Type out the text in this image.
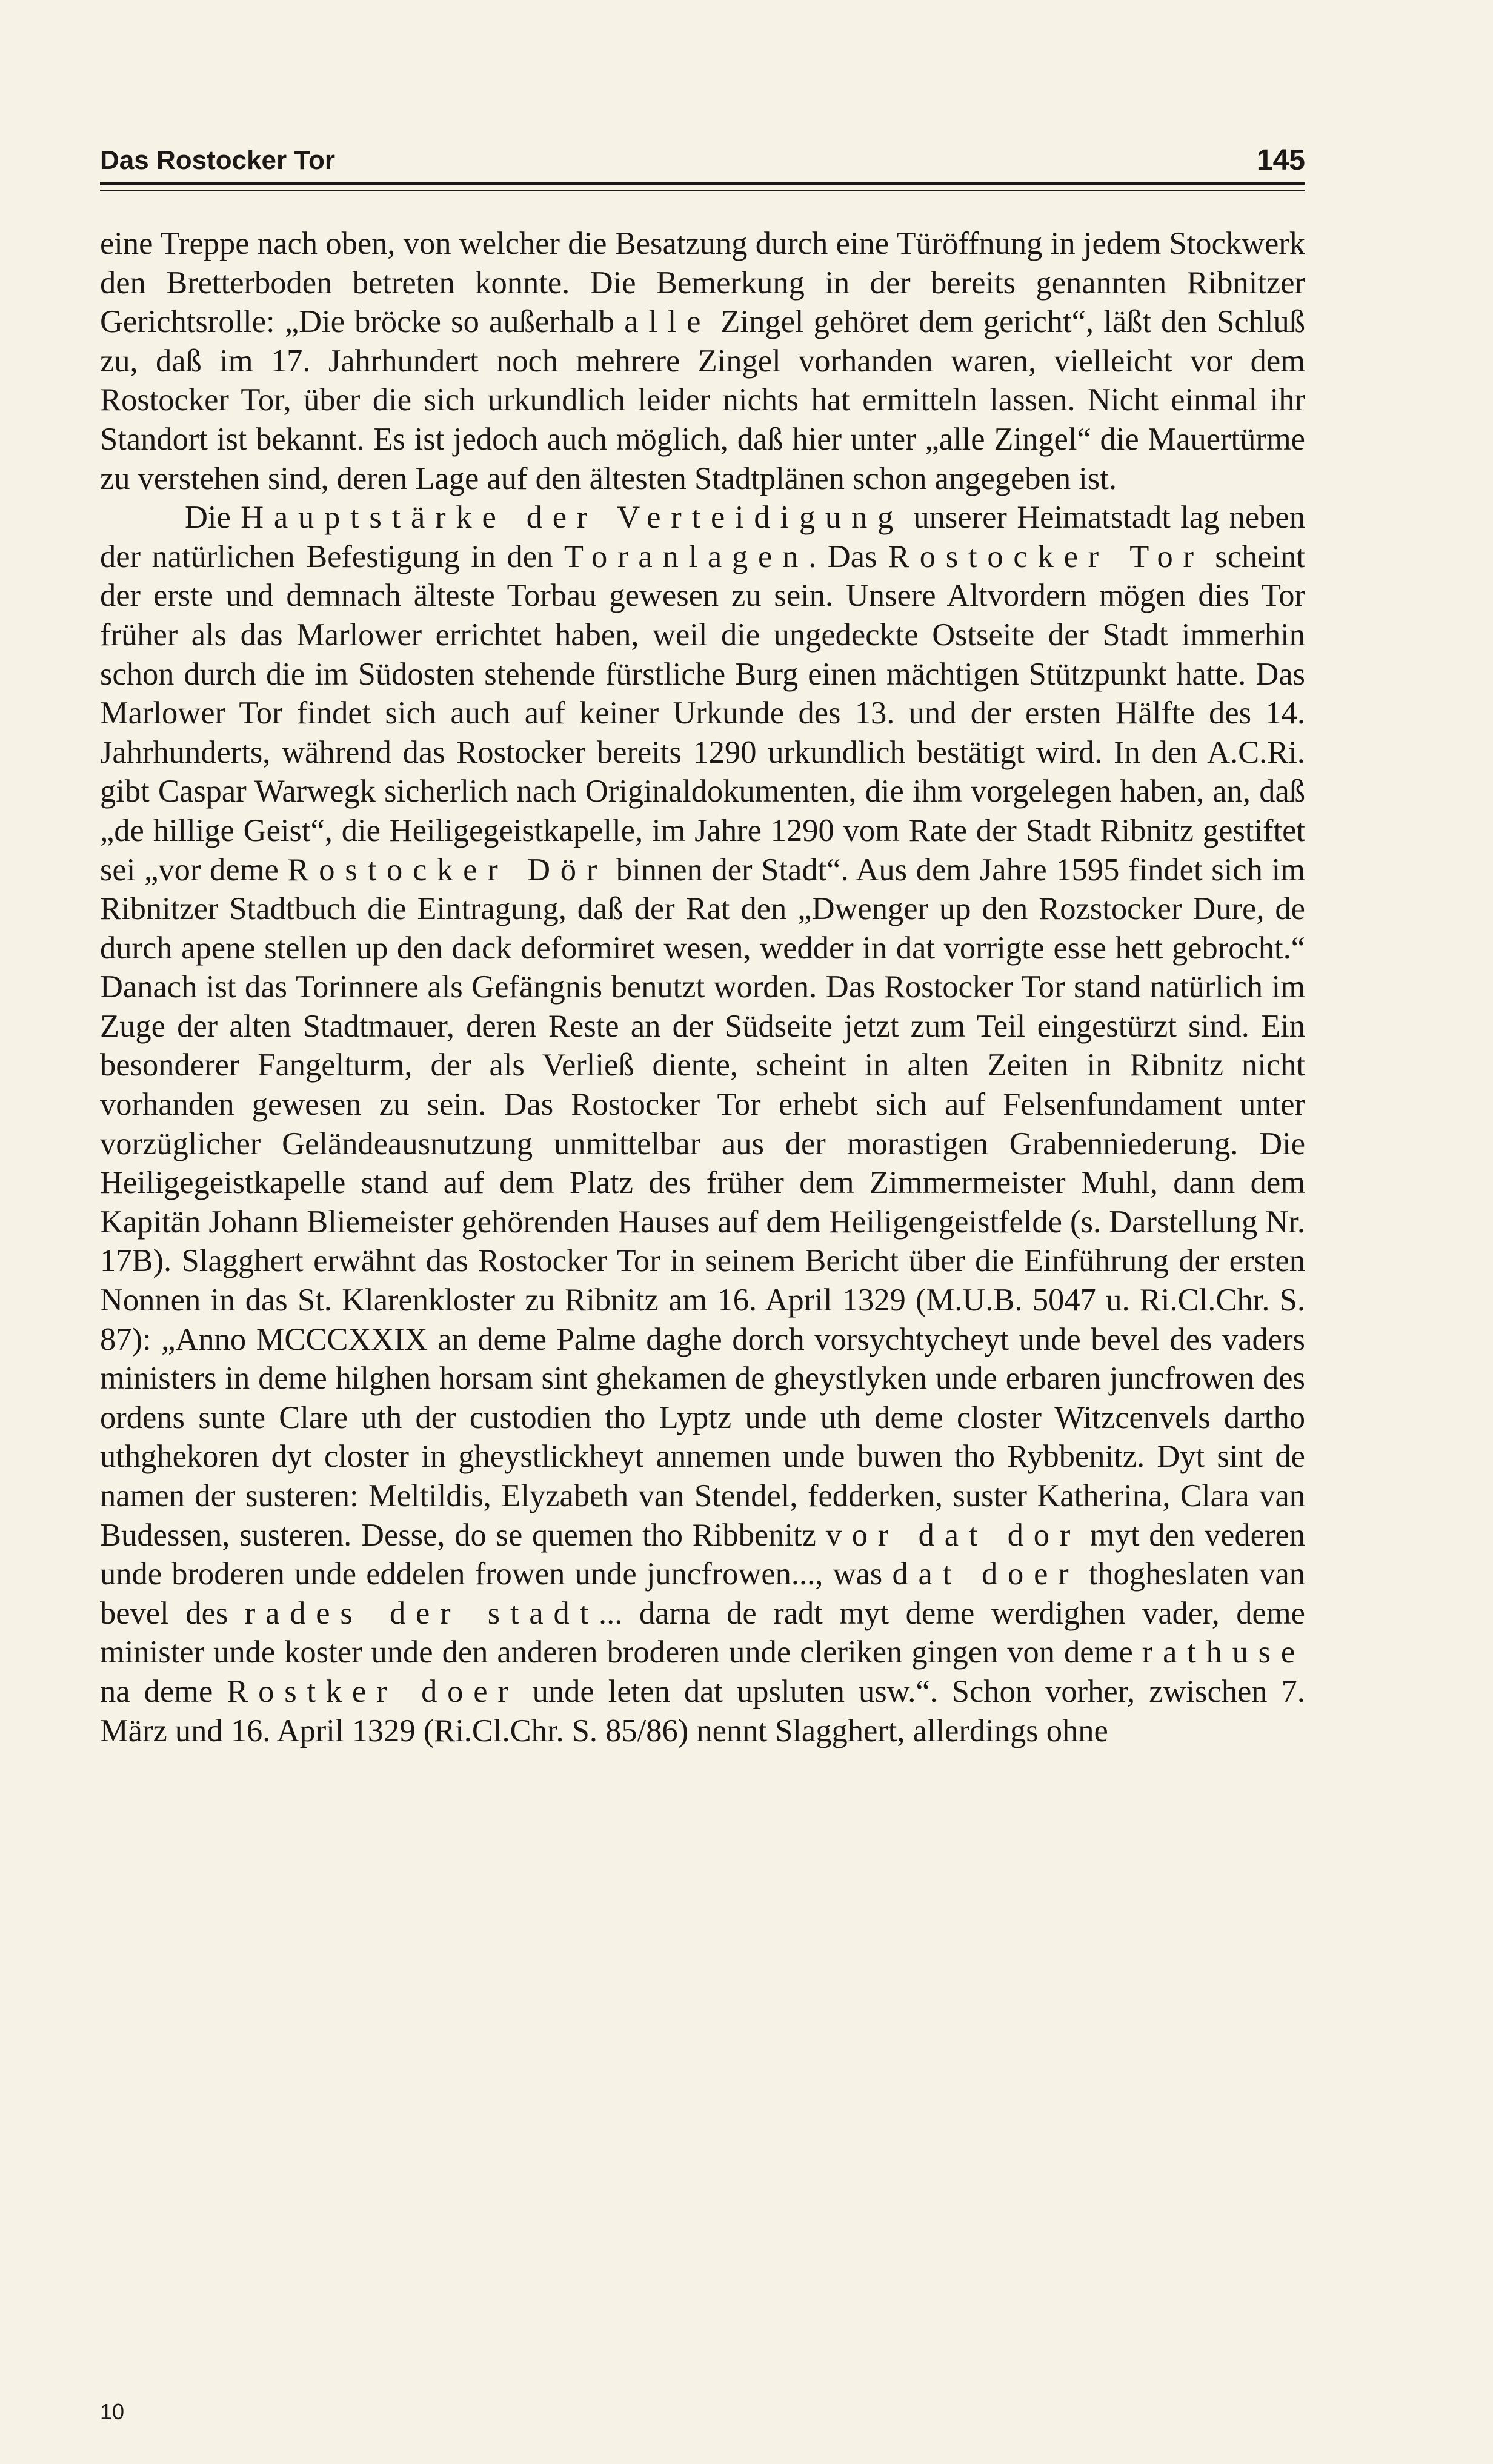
Das Rostocker Tor	145

eine Treppe nach oben, von welcher die Besatzung durch eine Türöffnung in jedem Stockwerk den Bretterboden betreten konnte. Die Bemerkung in der bereits genannten Ribnitzer Gerichtsrolle: „Die bröcke so außerhalb alle Zingel gehöret dem gericht“, läßt den Schluß zu, daß im 17. Jahrhundert noch mehrere Zingel vorhanden waren, vielleicht vor dem Rostocker Tor, über die sich urkundlich leider nichts hat ermitteln lassen. Nicht einmal ihr Standort ist bekannt. Es ist jedoch auch möglich, daß hier unter „alle Zingel“ die Mauertürme zu verstehen sind, deren Lage auf den ältesten Stadtplänen schon angegeben ist.

Die Hauptstärke der Verteidigung unserer Heimatstadt lag neben der natürlichen Befestigung in den Toranlagen. Das Rostocker Tor scheint der erste und demnach älteste Torbau gewesen zu sein. Unsere Altvordern mögen dies Tor früher als das Marlower errichtet haben, weil die ungedeckte Ostseite der Stadt immerhin schon durch die im Südosten stehende fürstliche Burg einen mächtigen Stützpunkt hatte. Das Marlower Tor findet sich auch auf keiner Urkunde des 13. und der ersten Hälfte des 14. Jahrhunderts, während das Rostocker bereits 1290 urkundlich bestätigt wird. In den A.C.Ri. gibt Caspar Warwegk sicherlich nach Originaldokumenten, die ihm vorgelegen haben, an, daß „de hillige Geist“, die Heiligegeistkapelle, im Jahre 1290 vom Rate der Stadt Ribnitz gestiftet sei „vor deme Rostocker Dör binnen der Stadt“. Aus dem Jahre 1595 findet sich im Ribnitzer Stadtbuch die Eintragung, daß der Rat den „Dwenger up den Rozstocker Dure, de durch apene stellen up den dack deformiret wesen, wedder in dat vorrigte esse hett gebrocht.“ Danach ist das Torinnere als Gefängnis benutzt worden. Das Rostocker Tor stand natürlich im Zuge der alten Stadtmauer, deren Reste an der Südseite jetzt zum Teil eingestürzt sind. Ein besonderer Fangelturm, der als Verließ diente, scheint in alten Zeiten in Ribnitz nicht vorhanden gewesen zu sein. Das Rostocker Tor erhebt sich auf Felsenfundament unter vorzüglicher Geländeausnutzung unmittelbar aus der morastigen Grabenniederung. Die Heiligegeistkapelle stand auf dem Platz des früher dem Zimmermeister Muhl, dann dem Kapitän Johann Bliemeister gehörenden Hauses auf dem Heiligengeistfelde (s. Darstellung Nr. 17B). Slagghert erwähnt das Rostocker Tor in seinem Bericht über die Einführung der ersten Nonnen in das St. Klarenkloster zu Ribnitz am 16. April 1329 (M.U.B. 5047 u. Ri.Cl.Chr. S. 87): „Anno MCCCXXIX an deme Palme daghe dorch vorsychtycheyt unde bevel des vaders ministers in deme hilghen horsam sint ghekamen de gheystlyken unde erbaren juncfrowen des ordens sunte Clare uth der custodien tho Lyptz unde uth deme closter Witzcenvels dartho uthghekoren dyt closter in gheystlickheyt annemen unde buwen tho Rybbenitz. Dyt sint de namen der susteren: Meltildis, Elyzabeth van Stendel, fedderken, suster Katherina, Clara van Budessen, susteren. Desse, do se quemen tho Ribbenitz vor dat dor myt den vederen unde broderen unde eddelen frowen unde juncfrowen..., was dat doer thogheslaten van bevel des rades der stadt... darna de radt myt deme werdighen vader, deme minister unde koster unde den anderen broderen unde cleriken gingen von deme rathuse na deme Rostker doer unde leten dat upsluten usw.“. Schon vorher, zwischen 7. März und 16. April 1329 (Ri.Cl.Chr. S. 85/86) nennt Slagghert, allerdings ohne

10
